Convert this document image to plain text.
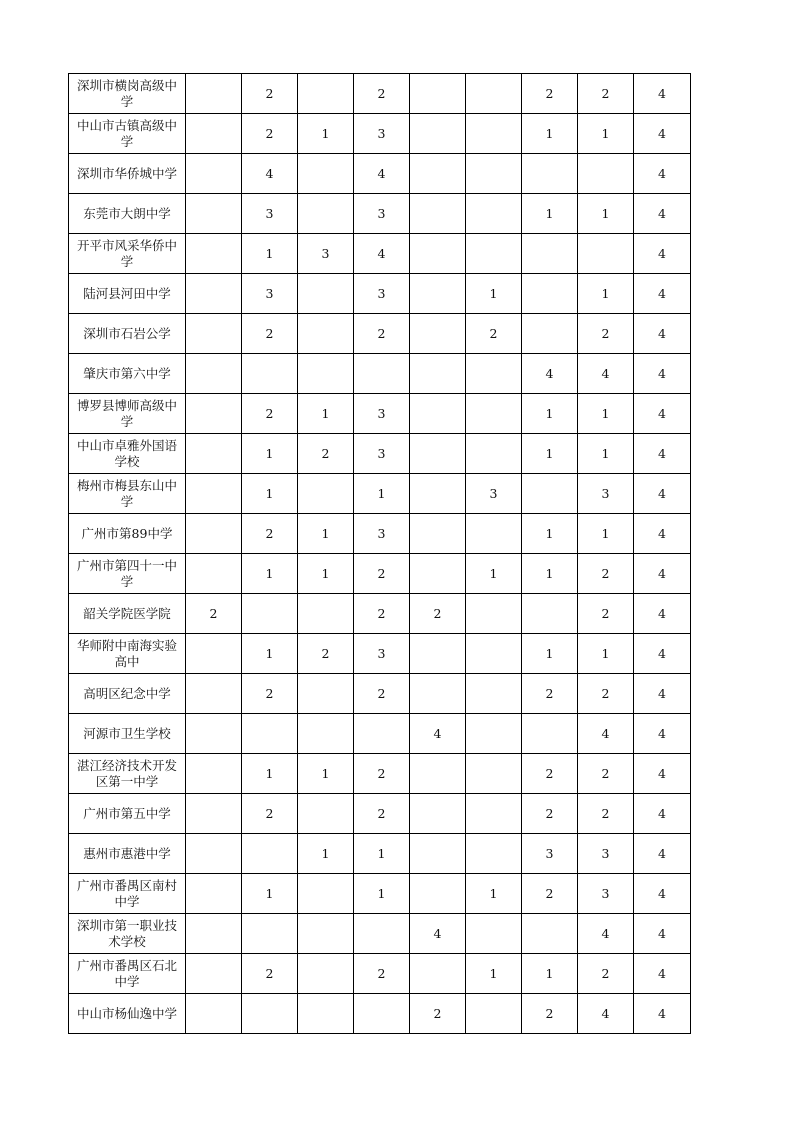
深圳市横岗高级中学		2		2			2	2	4
中山市古镇高级中学		2	1	3			1	1	4
深圳市华侨城中学		4		4					4
东莞市大朗中学		3		3			1	1	4
开平市风采华侨中学		1	3	4					4
陆河县河田中学		3		3		1		1	4
深圳市石岩公学		2		2		2		2	4
肇庆市第六中学							4	4	4
博罗县博师高级中学		2	1	3			1	1	4
中山市卓雅外国语学校		1	2	3			1	1	4
梅州市梅县东山中学		1		1		3		3	4
广州市第89中学		2	1	3			1	1	4
广州市第四十一中学		1	1	2		1	1	2	4
韶关学院医学院	2			2	2			2	4
华师附中南海实验高中		1	2	3			1	1	4
高明区纪念中学		2		2			2	2	4
河源市卫生学校					4			4	4
湛江经济技术开发区第一中学		1	1	2			2	2	4
广州市第五中学		2		2			2	2	4
惠州市惠港中学			1	1			3	3	4
广州市番禺区南村中学		1		1		1	2	3	4
深圳市第一职业技术学校					4			4	4
广州市番禺区石北中学		2		2		1	1	2	4
中山市杨仙逸中学					2		2	4	4
